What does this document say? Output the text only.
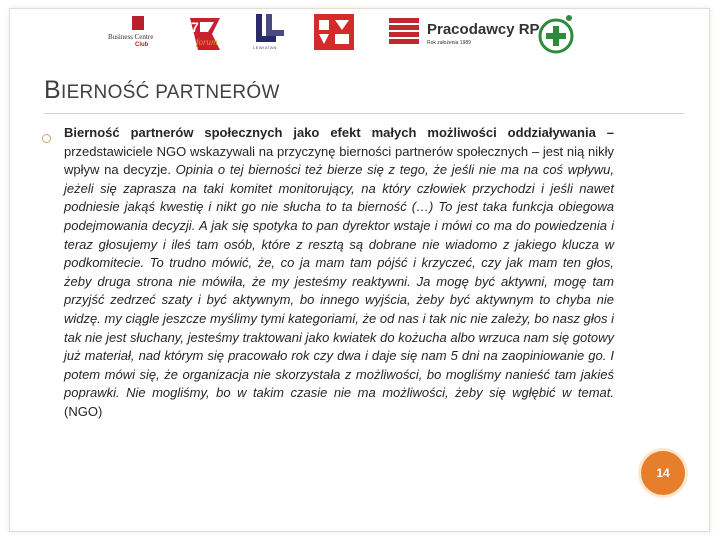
Business Centre
Club
7
forum
LEWIATAN
Pracodawcy RP
Rok założenia 1989
BIERNOŚĆ PARTNERÓW

Bierność partnerów społecznych jako efekt małych możliwości oddziaływania – przedstawiciele NGO wskazywali na przyczynę bierności partnerów społecznych – jest nią nikły wpływ na decyzje. Opinia o tej bierności też bierze się z tego, że jeśli nie ma na coś wpływu, jeżeli się zaprasza na taki komitet monitorujący, na który człowiek przychodzi i jeśli nawet podniesie jakąś kwestię i nikt go nie słucha to ta bierność (…) To jest taka funkcja obiegowa podejmowania decyzji. A jak się spotyka to pan dyrektor wstaje i mówi co ma do powiedzenia i teraz głosujemy i ileś tam osób, które z resztą są dobrane nie wiadomo z jakiego klucza w podkomitecie. To trudno mówić, że, co ja mam tam pójść i krzyczeć, czy jak mam ten głos, żeby druga strona nie mówiła, że my jesteśmy reaktywni. Ja mogę być aktywni, mogę tam przyjść zedrzeć szaty i być aktywnym, bo innego wyjścia, żeby być aktywnym to chyba nie widzę. my ciągle jeszcze myślimy tymi kategoriami, że od nas i tak nic nie zależy, bo nasz głos i tak nie jest słuchany, jesteśmy traktowani jako kwiatek do kożucha albo wrzuca nam się gotowy już materiał, nad którym się pracowało rok czy dwa i daje się nam 5 dni na zaopiniowanie go. I potem mówi się, że organizacja nie skorzystała z możliwości, bo mogliśmy nanieść tam jakieś poprawki. Nie mogliśmy, bo w takim czasie nie ma możliwości, żeby się wgłębić w temat. (NGO)

14
